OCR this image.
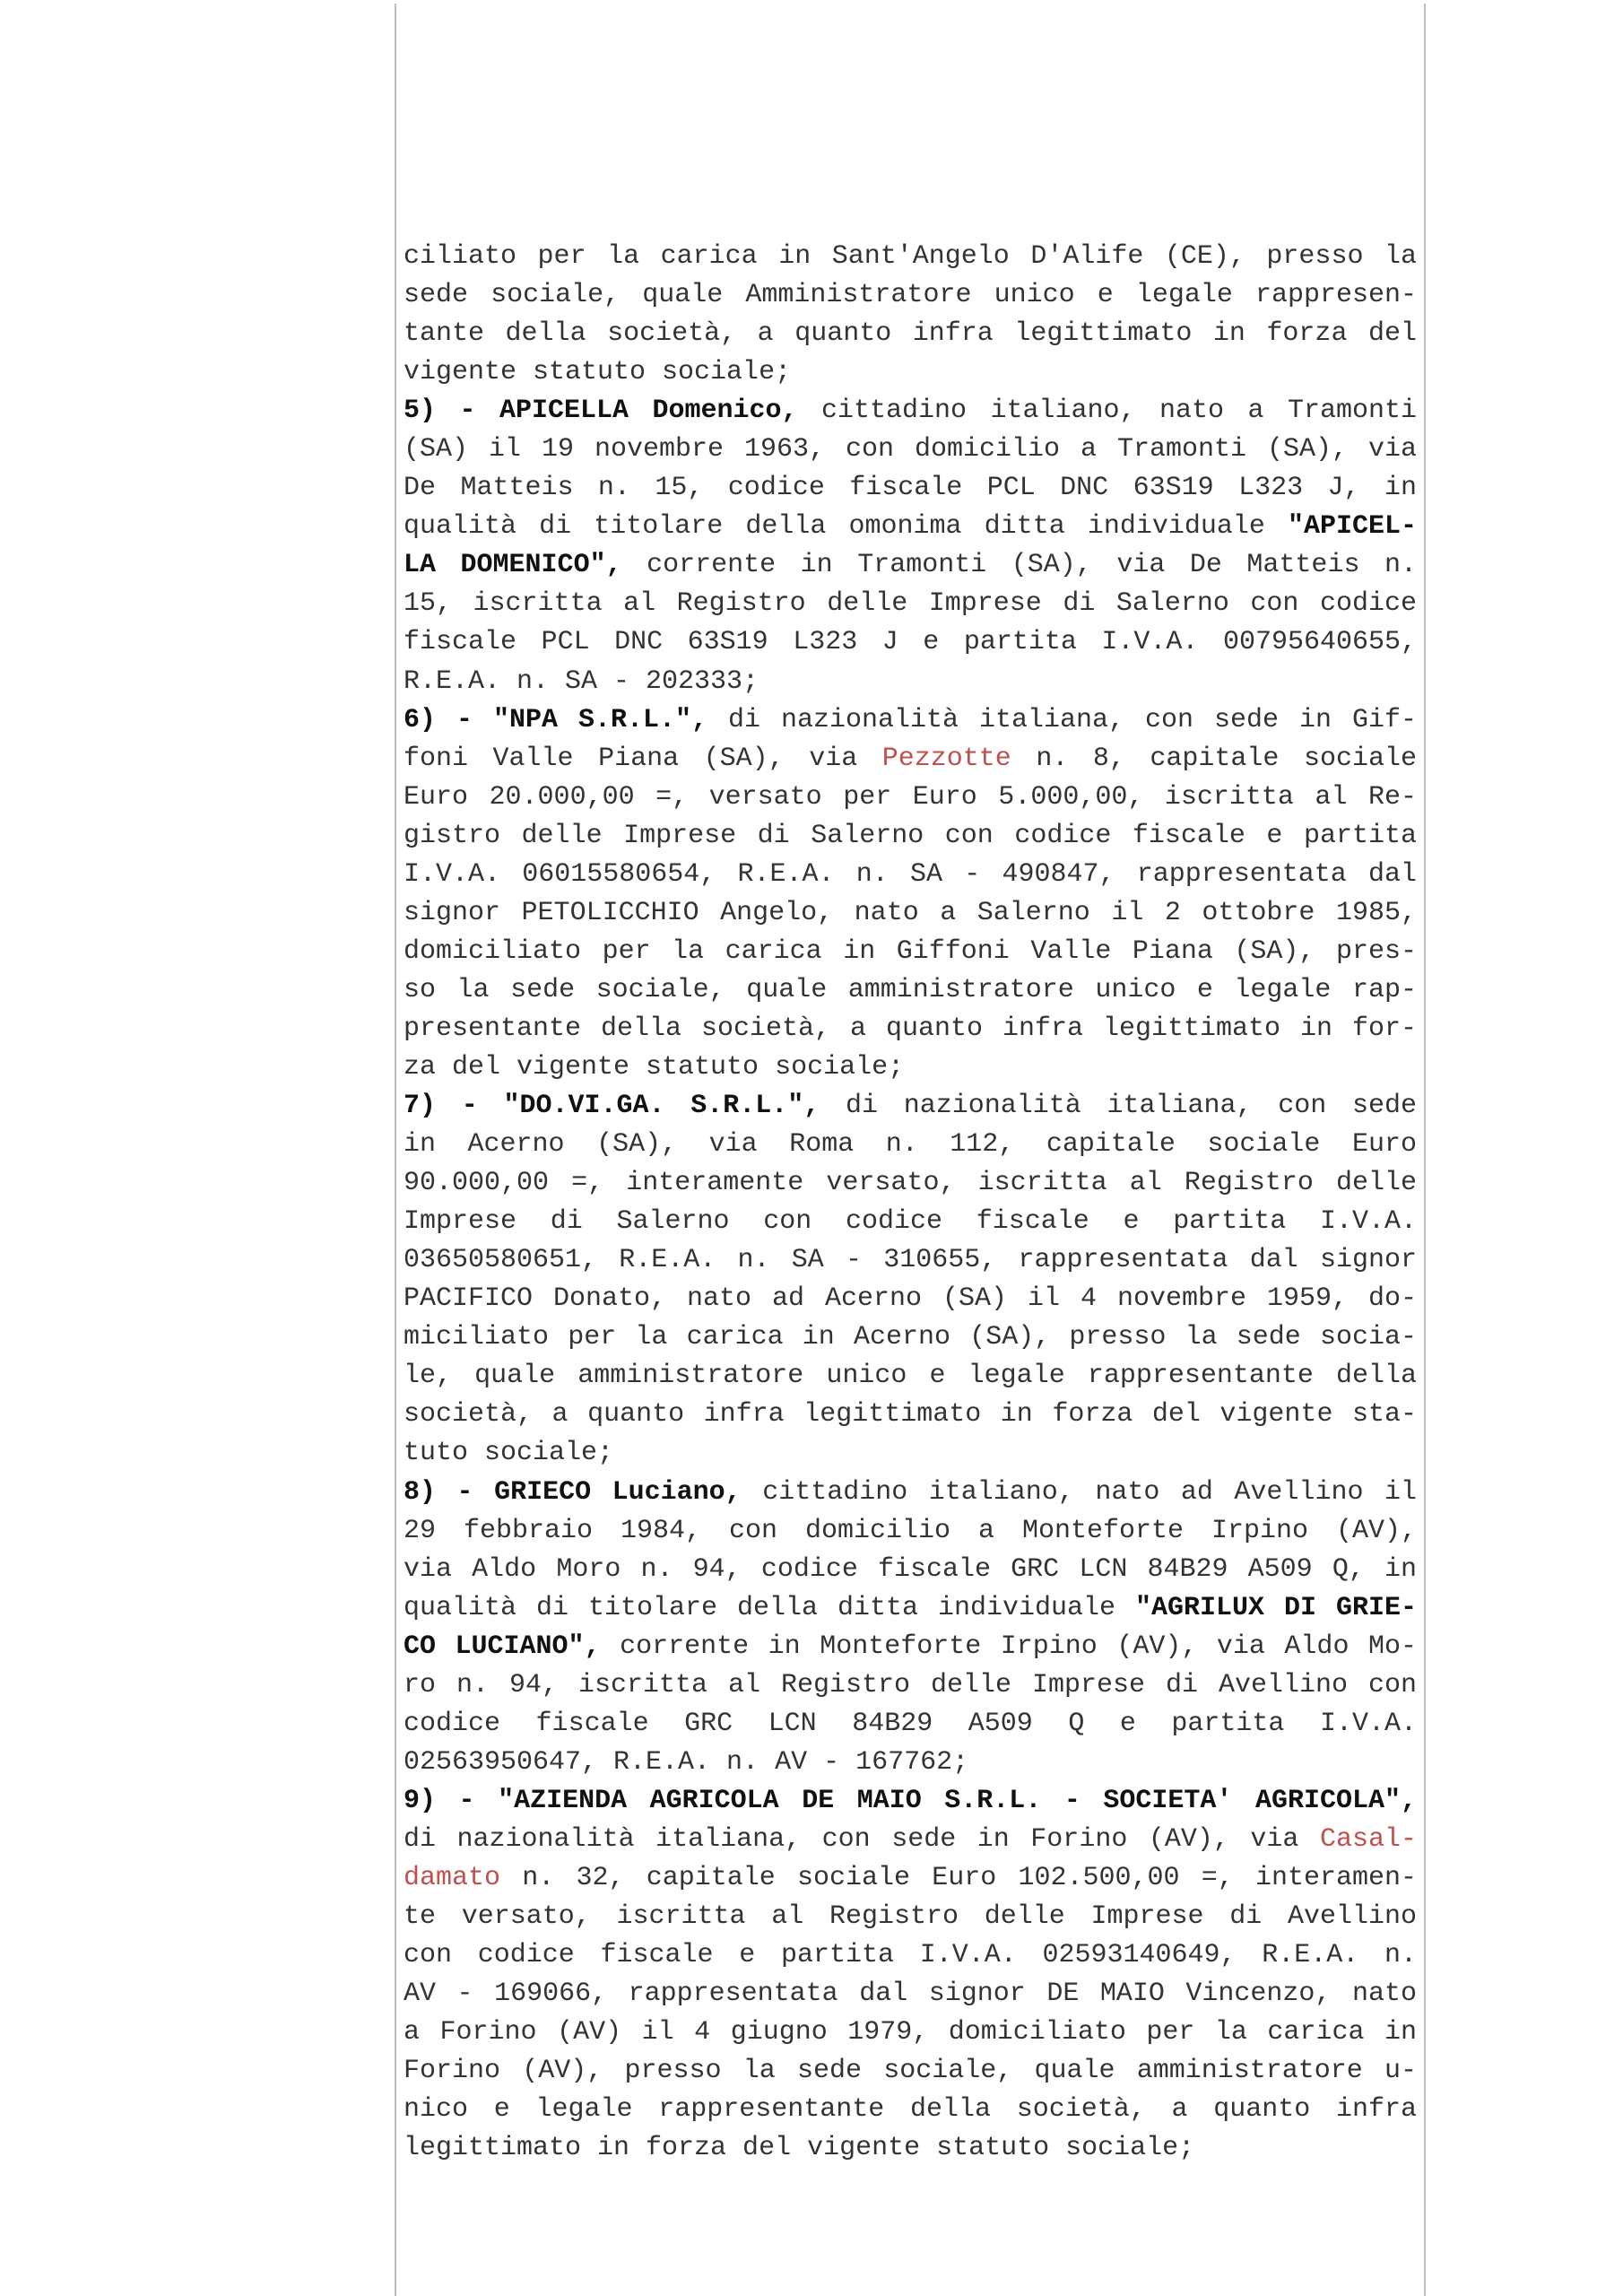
ciliato per la carica in Sant'Angelo D'Alife (CE), presso la
sede sociale, quale Amministratore unico e legale rappresen-
tante della società, a quanto infra legittimato in forza del
vigente statuto sociale;
5) - APICELLA Domenico, cittadino italiano, nato a Tramonti
(SA) il 19 novembre 1963, con domicilio a Tramonti (SA), via
De Matteis n. 15, codice fiscale PCL DNC 63S19 L323 J, in
qualità di titolare della omonima ditta individuale "APICEL-
LA DOMENICO", corrente in Tramonti (SA), via De Matteis n.
15, iscritta al Registro delle Imprese di Salerno con codice
fiscale PCL DNC 63S19 L323 J e partita I.V.A. 00795640655,
R.E.A. n. SA - 202333;
6) - "NPA S.R.L.", di nazionalità italiana, con sede in Gif-
foni Valle Piana (SA), via Pezzotte n. 8, capitale sociale
Euro 20.000,00 =, versato per Euro 5.000,00, iscritta al Re-
gistro delle Imprese di Salerno con codice fiscale e partita
I.V.A. 06015580654, R.E.A. n. SA - 490847, rappresentata dal
signor PETOLICCHIO Angelo, nato a Salerno il 2 ottobre 1985,
domiciliato per la carica in Giffoni Valle Piana (SA), pres-
so la sede sociale, quale amministratore unico e legale rap-
presentante della società, a quanto infra legittimato in for-
za del vigente statuto sociale;
7) - "DO.VI.GA. S.R.L.", di nazionalità italiana, con sede
in Acerno (SA), via Roma n. 112, capitale sociale Euro
90.000,00 =, interamente versato, iscritta al Registro delle
Imprese di Salerno con codice fiscale e partita I.V.A.
03650580651, R.E.A. n. SA - 310655, rappresentata dal signor
PACIFICO Donato, nato ad Acerno (SA) il 4 novembre 1959, do-
miciliato per la carica in Acerno (SA), presso la sede socia-
le, quale amministratore unico e legale rappresentante della
società, a quanto infra legittimato in forza del vigente sta-
tuto sociale;
8) - GRIECO Luciano, cittadino italiano, nato ad Avellino il
29 febbraio 1984, con domicilio a Monteforte Irpino (AV),
via Aldo Moro n. 94, codice fiscale GRC LCN 84B29 A509 Q, in
qualità di titolare della ditta individuale "AGRILUX DI GRIE-
CO LUCIANO", corrente in Monteforte Irpino (AV), via Aldo Mo-
ro n. 94, iscritta al Registro delle Imprese di Avellino con
codice fiscale GRC LCN 84B29 A509 Q e partita I.V.A.
02563950647, R.E.A. n. AV - 167762;
9) - "AZIENDA AGRICOLA DE MAIO S.R.L. - SOCIETA' AGRICOLA",
di nazionalità italiana, con sede in Forino (AV), via Casal-
damato n. 32, capitale sociale Euro 102.500,00 =, interamen-
te versato, iscritta al Registro delle Imprese di Avellino
con codice fiscale e partita I.V.A. 02593140649, R.E.A. n.
AV - 169066, rappresentata dal signor DE MAIO Vincenzo, nato
a Forino (AV) il 4 giugno 1979, domiciliato per la carica in
Forino (AV), presso la sede sociale, quale amministratore u-
nico e legale rappresentante della società, a quanto infra
legittimato in forza del vigente statuto sociale;
